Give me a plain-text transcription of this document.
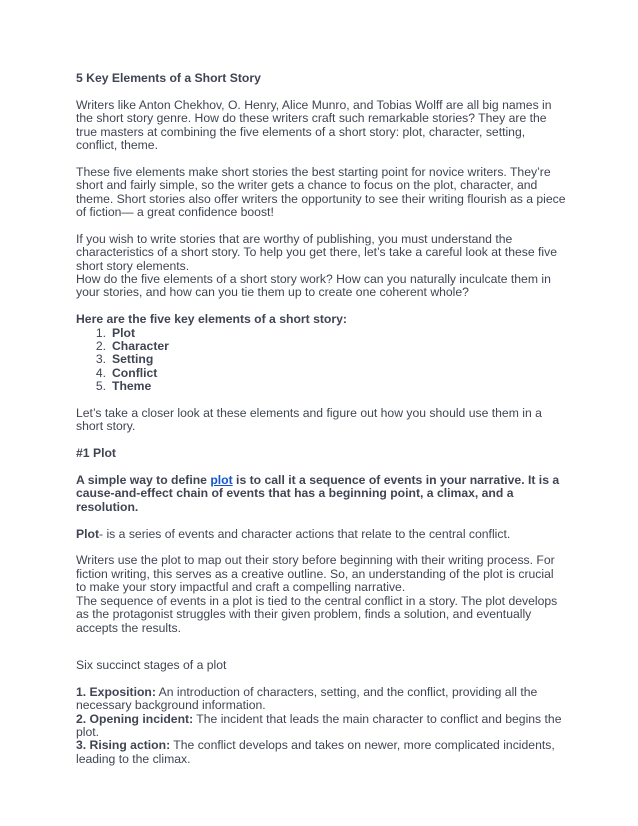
5 Key Elements of a Short Story

Writers like Anton Chekhov, O. Henry, Alice Munro, and Tobias Wolff are all big names in the short story genre. How do these writers craft such remarkable stories? They are the true masters at combining the five elements of a short story: plot, character, setting, conflict, theme.

These five elements make short stories the best starting point for novice writers. They’re short and fairly simple, so the writer gets a chance to focus on the plot, character, and theme. Short stories also offer writers the opportunity to see their writing flourish as a piece of fiction— a great confidence boost!

If you wish to write stories that are worthy of publishing, you must understand the characteristics of a short story. To help you get there, let’s take a careful look at these five short story elements.

How do the five elements of a short story work? How can you naturally inculcate them in your stories, and how can you tie them up to create one coherent whole?

Here are the five key elements of a short story:

1. Plot
2. Character
3. Setting
4. Conflict
5. Theme

Let’s take a closer look at these elements and figure out how you should use them in a short story.

#1 Plot

A simple way to define plot is to call it a sequence of events in your narrative. It is a cause-and-effect chain of events that has a beginning point, a climax, and a resolution.

Plot- is a series of events and character actions that relate to the central conflict.

Writers use the plot to map out their story before beginning with their writing process. For fiction writing, this serves as a creative outline. So, an understanding of the plot is crucial to make your story impactful and craft a compelling narrative.

The sequence of events in a plot is tied to the central conflict in a story. The plot develops as the protagonist struggles with their given problem, finds a solution, and eventually accepts the results.

Six succinct stages of a plot

1. Exposition: An introduction of characters, setting, and the conflict, providing all the necessary background information.

2. Opening incident: The incident that leads the main character to conflict and begins the plot.

3. Rising action: The conflict develops and takes on newer, more complicated incidents, leading to the climax.
